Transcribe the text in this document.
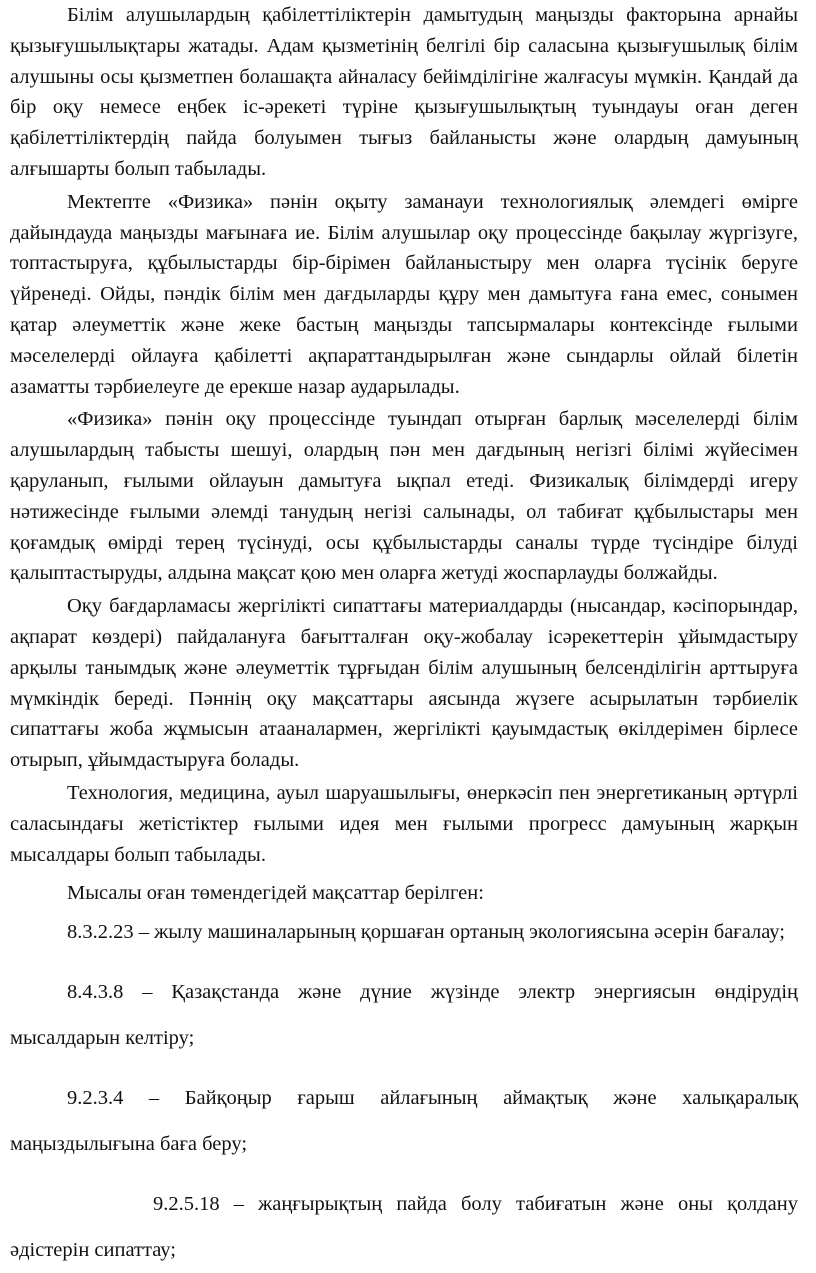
Білім алушылардың қабілеттіліктерін дамытудың маңызды факторына арнайы қызығушылықтары жатады. Адам қызметінің белгілі бір саласына қызығушылық білім алушыны осы қызметпен болашақта айналасу бейімділігіне жалғасуы мүмкін. Қандай да бір оқу немесе еңбек іс-әрекеті түріне қызығушылықтың туындауы оған деген қабілеттіліктердің пайда болуымен тығыз байланысты және олардың дамуының алғышарты болып табылады.

Мектепте «Физика» пәнін оқыту заманауи технологиялық әлемдегі өмірге дайындауда маңызды мағынаға ие. Білім алушылар оқу процессінде бақылау жүргізуге, топтастыруға, құбылыстарды бір-бірімен байланыстыру мен оларға түсінік беруге үйренеді. Ойды, пәндік білім мен дағдыларды құру мен дамытуға ғана емес, сонымен қатар әлеуметтік және жеке бастың маңызды тапсырмалары контексінде ғылыми мәселелерді ойлауға қабілетті ақпараттандырылған және сындарлы ойлай білетін азаматты тәрбиелеуге де ерекше назар аударылады.

«Физика» пәнін оқу процессінде туындап отырған барлық мәселелерді білім алушылардың табысты шешуі, олардың пән мен дағдының негізгі білімі жүйесімен қаруланып, ғылыми ойлауын дамытуға ықпал етеді. Физикалық білімдерді игеру нәтижесінде ғылыми әлемді танудың негізі салынады, ол табиғат құбылыстары мен қоғамдық өмірді терең түсінуді, осы құбылыстарды саналы түрде түсіндіре білуді қалыптастыруды, алдына мақсат қою мен оларға жетуді жоспарлауды болжайды.

Оқу бағдарламасы жергілікті сипаттағы материалдарды (нысандар, кәсіпорындар, ақпарат көздері) пайдалануға бағытталған оқу-жобалау ісәрекеттерін ұйымдастыру арқылы танымдық және әлеуметтік тұрғыдан білім алушының белсенділігін арттыруға мүмкіндік береді. Пәннің оқу мақсаттары аясында жүзеге асырылатын тәрбиелік сипаттағы жоба жұмысын атааналармен, жергілікті қауымдастық өкілдерімен бірлесе отырып, ұйымдастыруға болады.

Технология, медицина, ауыл шаруашылығы, өнеркәсіп пен энергетиканың әртүрлі саласындағы жетістіктер ғылыми идея мен ғылыми прогресс дамуының жарқын мысалдары болып табылады.

Мысалы оған төмендегідей мақсаттар берілген:

8.3.2.23 – жылу машиналарының қоршаған ортаның экологиясына әсерін бағалау;

8.4.3.8 – Қазақстанда және дүние жүзінде электр энергиясын өндірудің мысалдарын келтіру;

9.2.3.4 – Байқоңыр ғарыш айлағының аймақтық және халықаралық маңыздылығына баға беру;

9.2.5.18 – жаңғырықтың пайда болу табиғатын және оны қолдану әдістерін сипаттау;
